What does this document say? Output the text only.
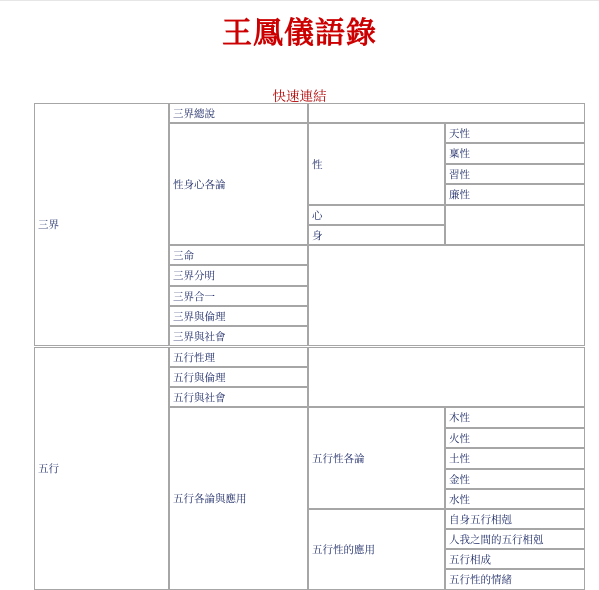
王鳳儀語錄
快速連結
三界
三界總說
性身心各論
性
天性
稟性
習性
廉性
心
身
三命
三界分明
三界合一
三界與倫理
三界與社會
五行
五行性理
五行與倫理
五行與社會
五行各論與應用
五行性各論
木性
火性
土性
金性
水性
五行性的應用
自身五行相剋
人我之間的五行相剋
五行相成
五行性的情緒
